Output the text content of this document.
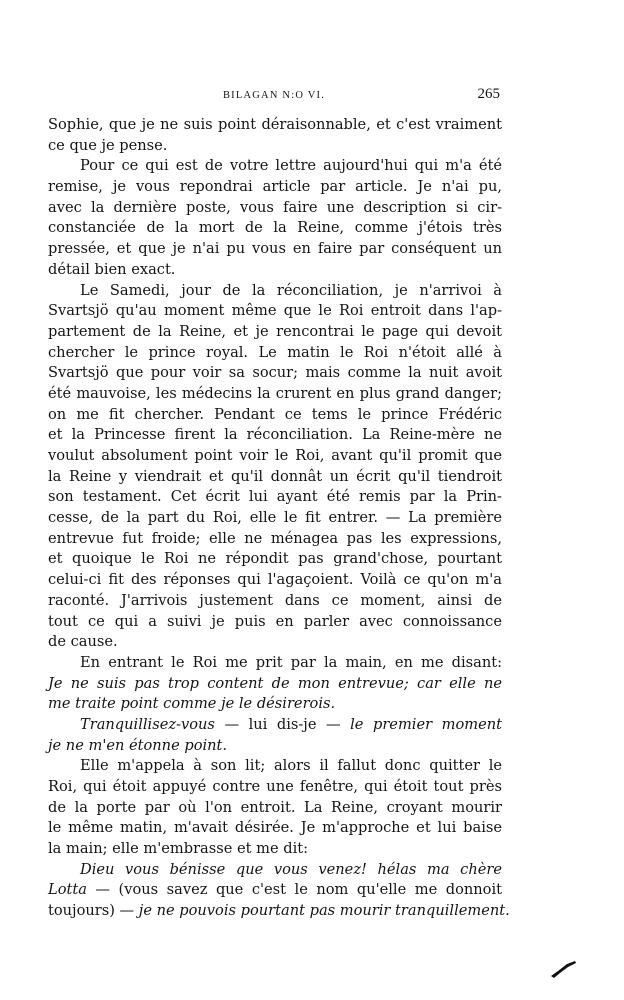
BILAGAN N:O VI.	265
Sophie, que je ne suis point déraisonnable, et c'est vraiment
ce que je pense.
Pour ce qui est de votre lettre aujourd'hui qui m'a été
remise, je vous repondrai article par article. Je n'ai pu,
avec la dernière poste, vous faire une description si cir-
constanciée de la mort de la Reine, comme j'étois très
pressée, et que je n'ai pu vous en faire par conséquent un
détail bien exact.
Le Samedi, jour de la réconciliation, je n'arrivoi à
Svartsjö qu'au moment même que le Roi entroit dans l'ap-
partement de la Reine, et je rencontrai le page qui devoit
chercher le prince royal. Le matin le Roi n'étoit allé à
Svartsjö que pour voir sa socur; mais comme la nuit avoit
été mauvoise, les médecins la crurent en plus grand danger;
on me fit chercher. Pendant ce tems le prince Frédéric
et la Princesse firent la réconciliation. La Reine-mère ne
voulut absolument point voir le Roi, avant qu'il promit que
la Reine y viendrait et qu'il donnât un écrit qu'il tiendroit
son testament. Cet écrit lui ayant été remis par la Prin-
cesse, de la part du Roi, elle le fit entrer. — La première
entrevue fut froide; elle ne ménagea pas les expressions,
et quoique le Roi ne répondit pas grand'chose, pourtant
celui-ci fit des réponses qui l'agaçoient. Voilà ce qu'on m'a
raconté. J'arrivois justement dans ce moment, ainsi de
tout ce qui a suivi je puis en parler avec connoissance
de cause.
En entrant le Roi me prit par la main, en me disant:
Je ne suis pas trop content de mon entrevue; car elle ne
me traite point comme je le désirerois.
Tranquillisez-vous — lui dis-je — le premier moment
je ne m'en étonne point.
Elle m'appela à son lit; alors il fallut donc quitter le
Roi, qui étoit appuyé contre une fenêtre, qui étoit tout près
de la porte par où l'on entroit. La Reine, croyant mourir
le même matin, m'avait désirée. Je m'approche et lui baise
la main; elle m'embrasse et me dit:
Dieu vous bénisse que vous venez! hélas ma chère
Lotta — (vous savez que c'est le nom qu'elle me donnoit
toujours) — je ne pouvois pourtant pas mourir tranquillement.
